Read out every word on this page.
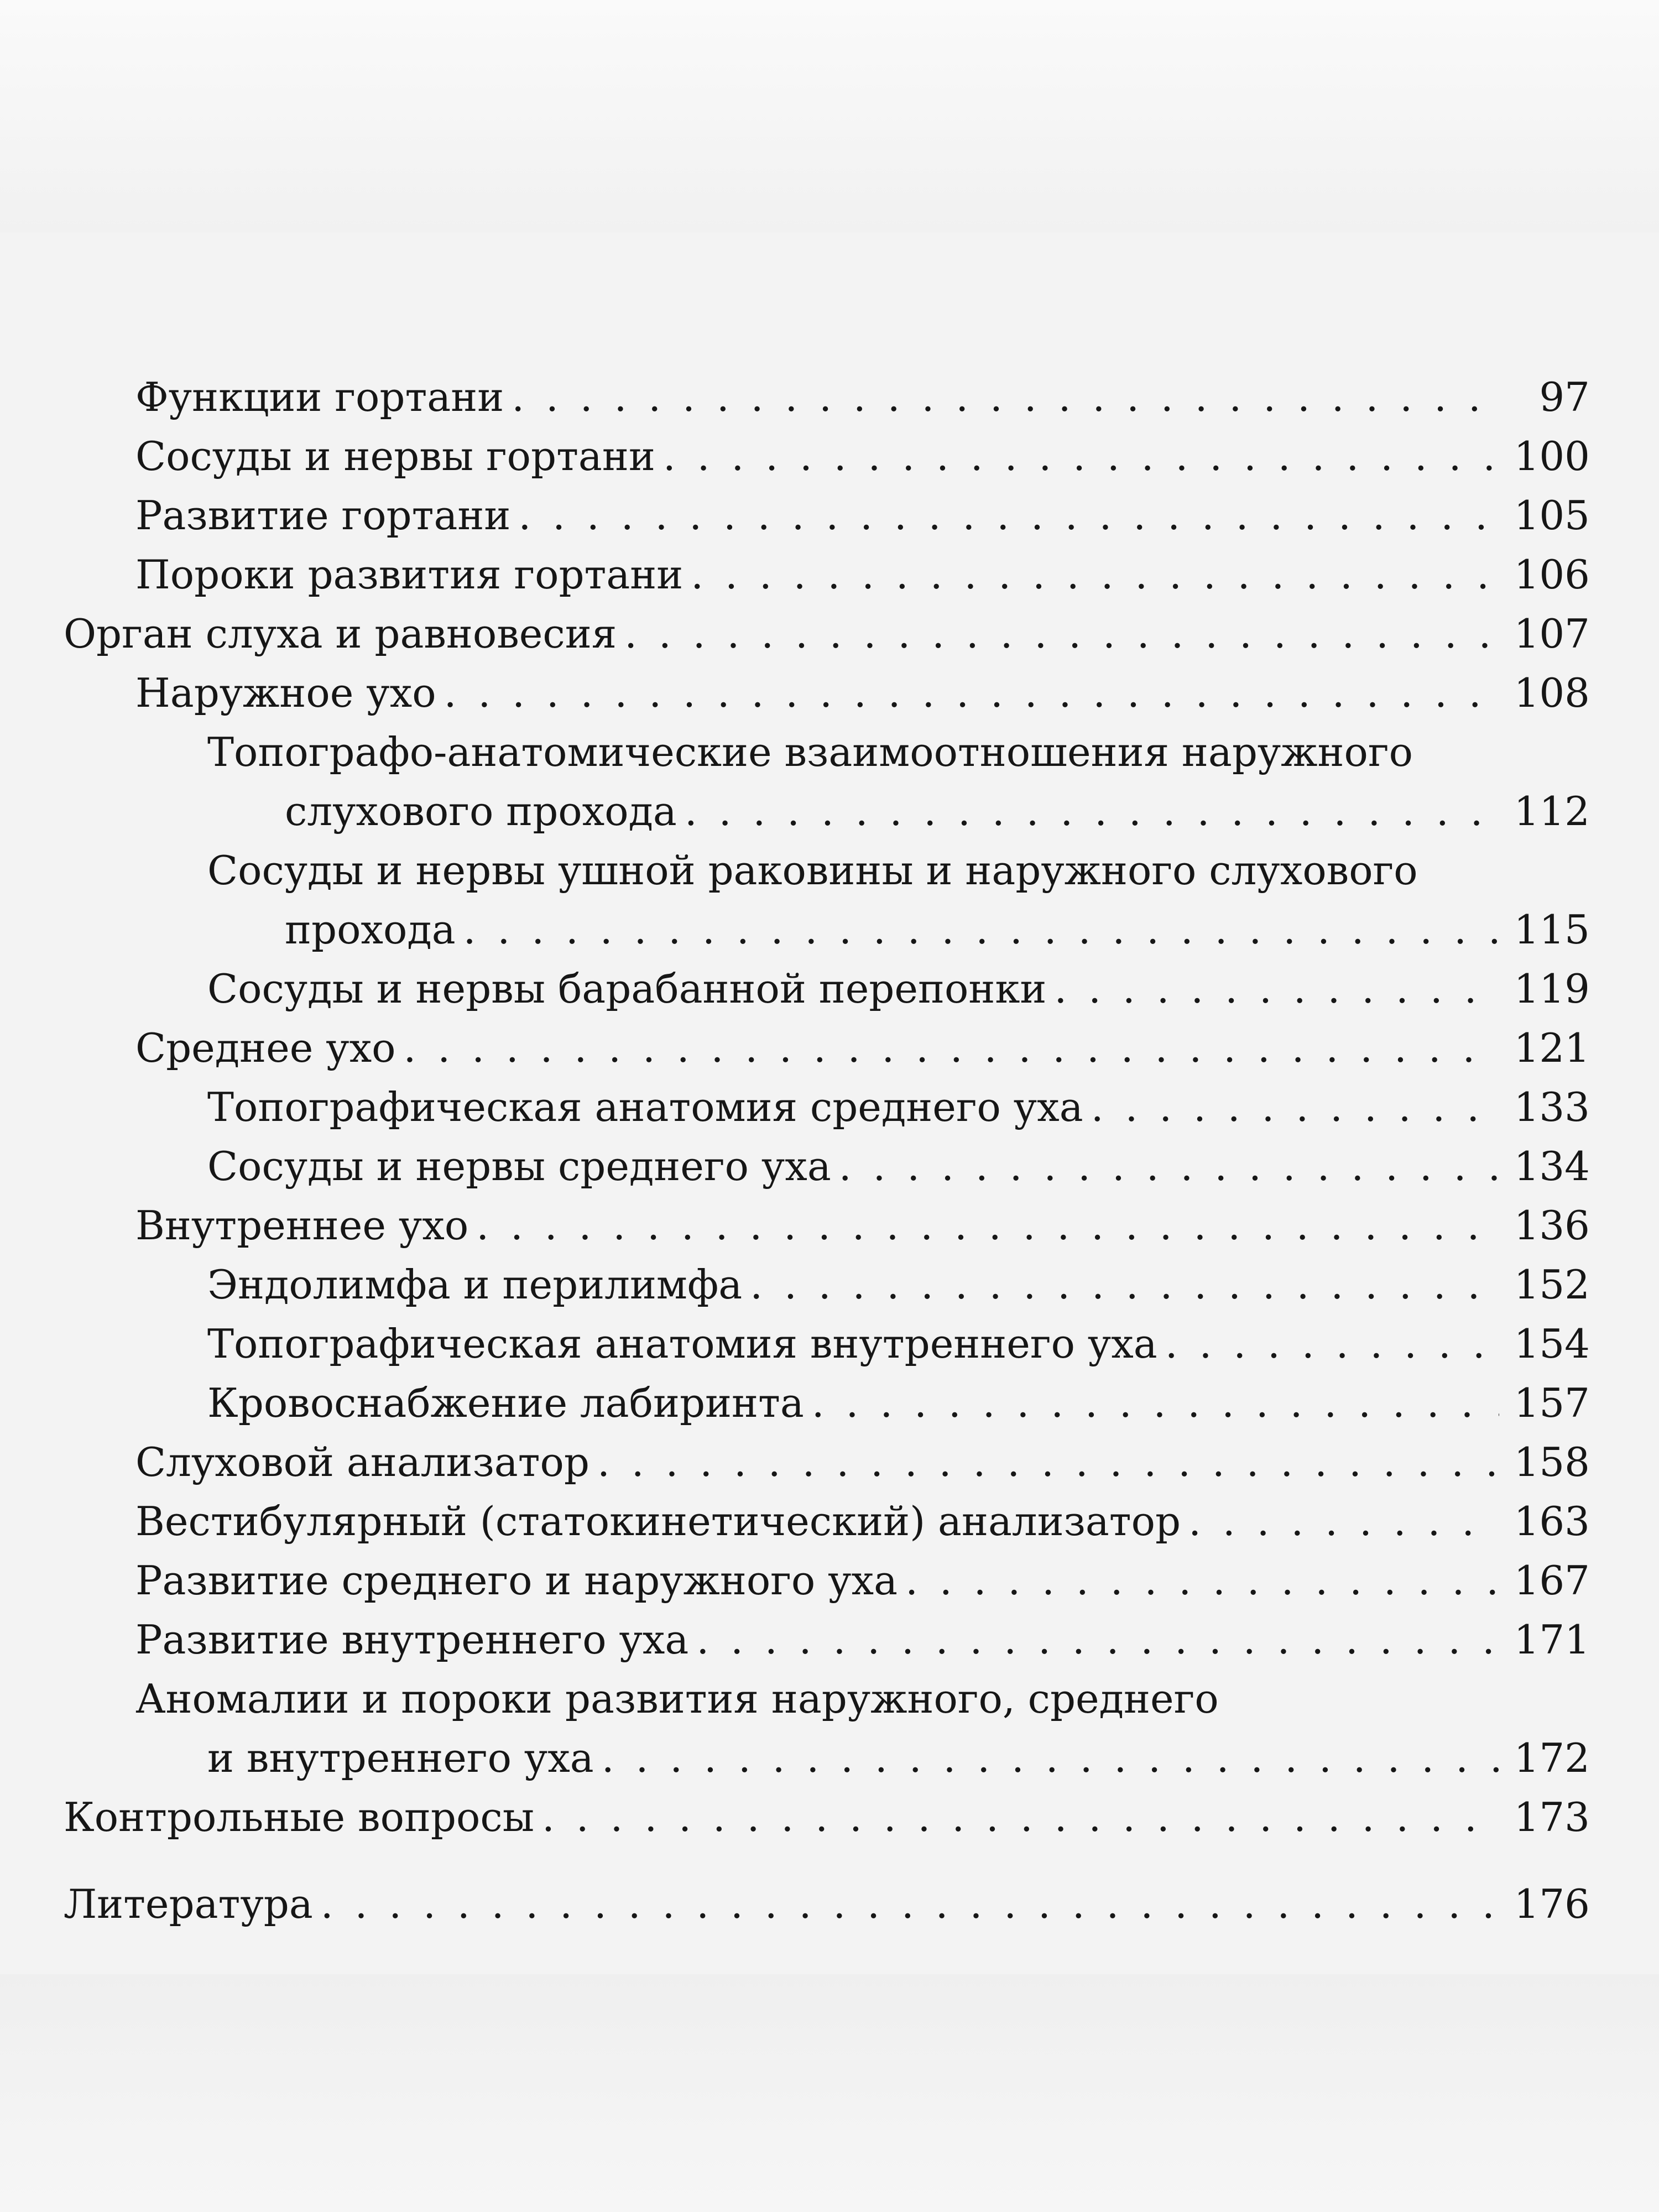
Функции гортани . . .	97
Сосуды и нервы гортани . . .	100
Развитие гортани . . .	105
Пороки развития гортани . . .	106
Орган слуха и равновесия . . .	107
Наружное ухо . . .	108
Топографо-анатомические взаимоотношения наружного
слухового прохода . . .	112
Сосуды и нервы ушной раковины и наружного слухового
прохода . . .	115
Сосуды и нервы барабанной перепонки . . .	119
Среднее ухо . . .	121
Топографическая анатомия среднего уха . . .	133
Сосуды и нервы среднего уха . . .	134
Внутреннее ухо . . .	136
Эндолимфа и перилимфа . . .	152
Топографическая анатомия внутреннего уха . . .	154
Кровоснабжение лабиринта . . .	157
Слуховой анализатор . . .	158
Вестибулярный (статокинетический) анализатор . . .	163
Развитие среднего и наружного уха . . .	167
Развитие внутреннего уха . . .	171
Аномалии и пороки развития наружного, среднего
и внутреннего уха . . .	172
Контрольные вопросы . . .	173
Литература . . .	176
